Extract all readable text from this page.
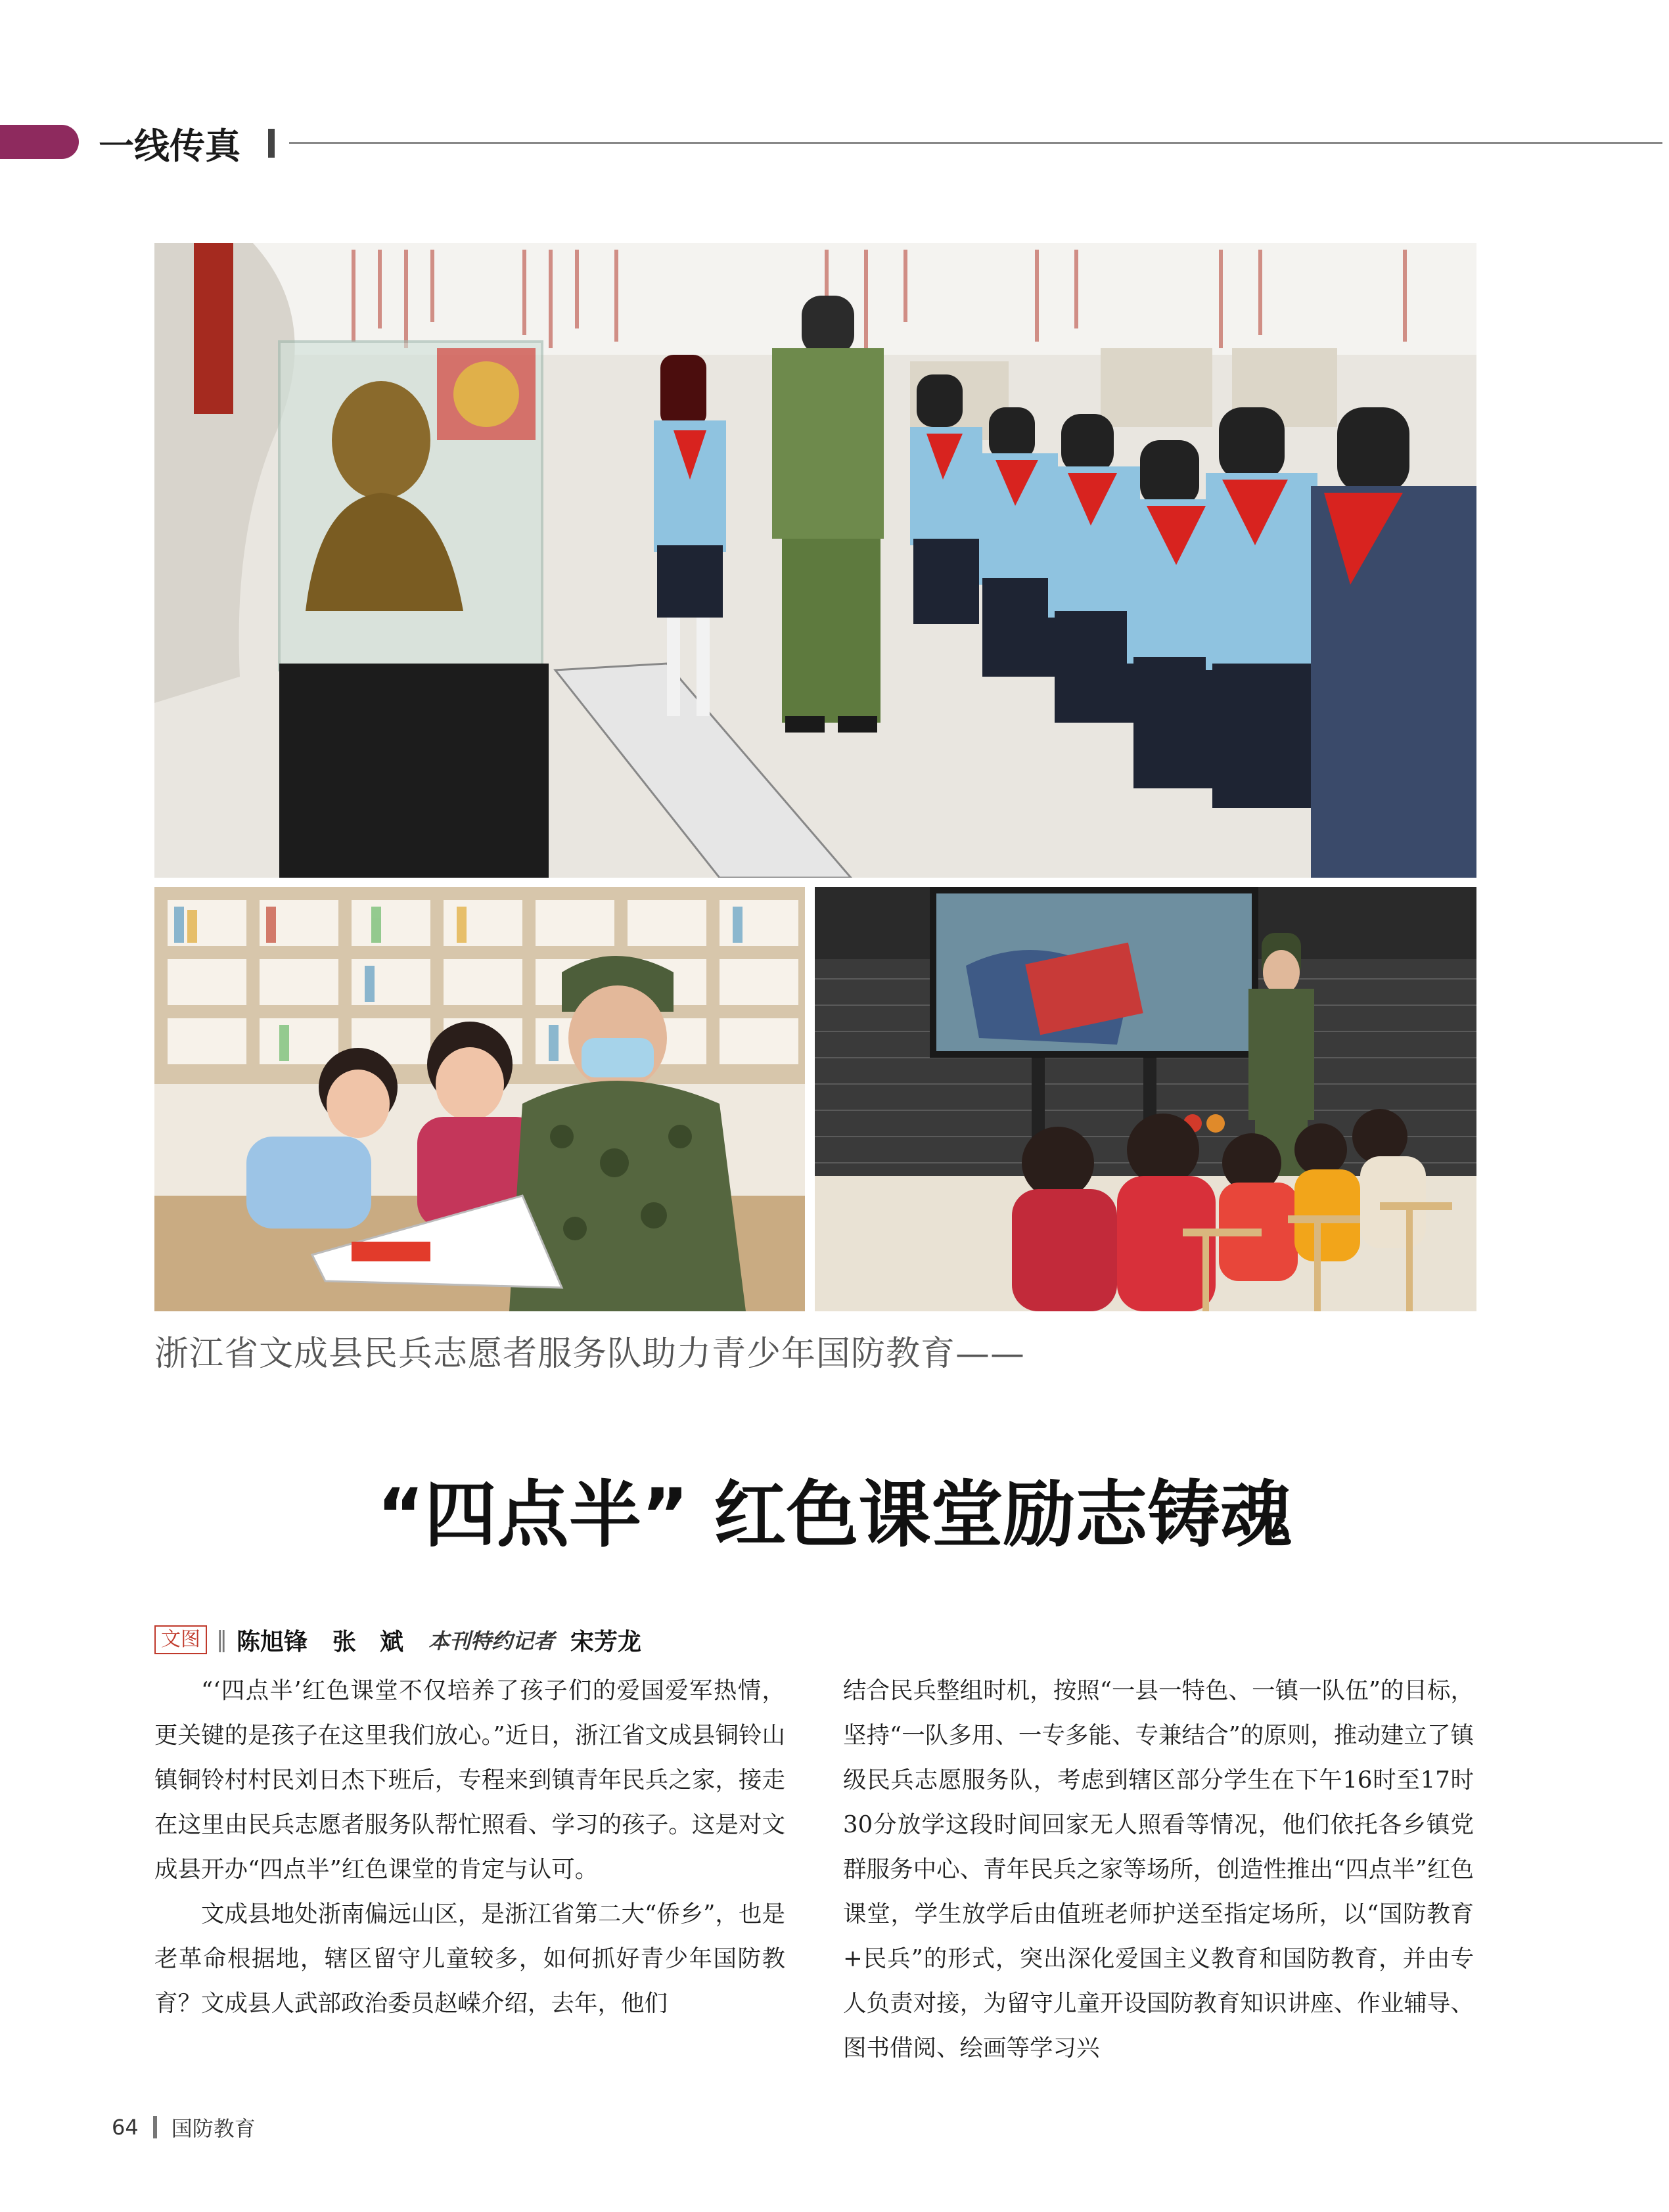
一线传真
浙江省文成县民兵志愿者服务队助力青少年国防教育——
“四点半” 红色课堂励志铸魂
文图 ‖ 陈旭锋 张　斌 本刊特约记者 宋芳龙

“‘四点半’红色课堂不仅培养了孩子们的爱国爱军热情，更关键的是孩子在这里我们放心。”近日，浙江省文成县铜铃山镇铜铃村村民刘日杰下班后，专程来到镇青年民兵之家，接走在这里由民兵志愿者服务队帮忙照看、学习的孩子。这是对文成县开办“四点半”红色课堂的肯定与认可。

文成县地处浙南偏远山区，是浙江省第二大“侨乡”，也是老革命根据地，辖区留守儿童较多，如何抓好青少年国防教育？文成县人武部政治委员赵嵘介绍，去年，他们

结合民兵整组时机，按照“一县一特色、一镇一队伍”的目标，坚持“一队多用、一专多能、专兼结合”的原则，推动建立了镇级民兵志愿服务队，考虑到辖区部分学生在下午16时至17时30分放学这段时间回家无人照看等情况，他们依托各乡镇党群服务中心、青年民兵之家等场所，创造性推出“四点半”红色课堂，学生放学后由值班老师护送至指定场所，以“国防教育+民兵”的形式，突出深化爱国主义教育和国防教育，并由专人负责对接，为留守儿童开设国防教育知识讲座、作业辅导、图书借阅、绘画等学习兴

64 国防教育
